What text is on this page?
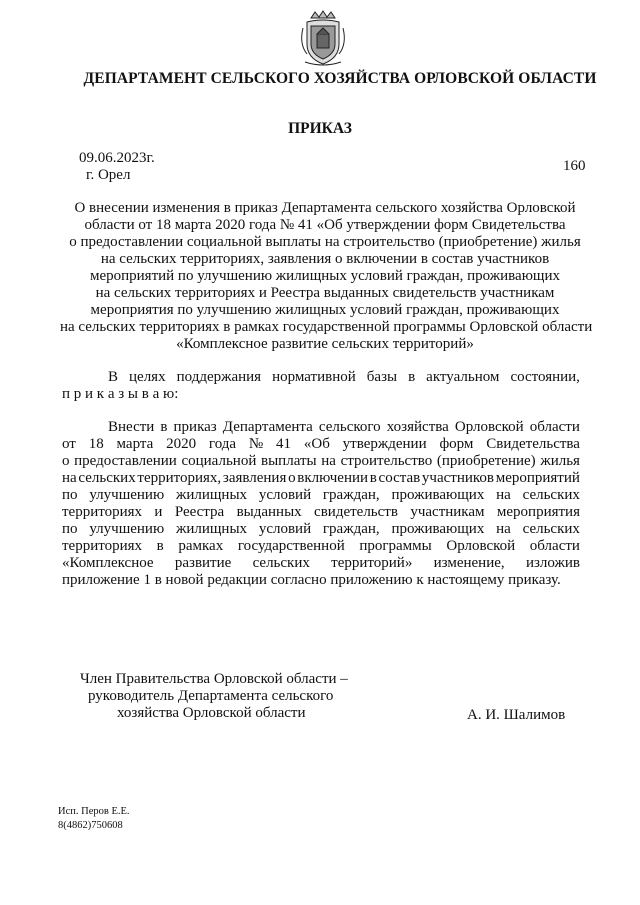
ДЕПАРТАМЕНТ СЕЛЬСКОГО ХОЗЯЙСТВА ОРЛОВСКОЙ ОБЛАСТИ
ПРИКАЗ
09.06.2023г.	160
г. Орел
О внесении изменения в приказ Департамента сельского хозяйства Орловской
области от 18 марта 2020 года № 41 «Об утверждении форм Свидетельства
о предоставлении социальной выплаты на строительство (приобретение) жилья
на сельских территориях, заявления о включении в состав участников
мероприятий по улучшению жилищных условий граждан, проживающих
на сельских территориях и Реестра выданных свидетельств участникам
мероприятия по улучшению жилищных условий граждан, проживающих
на сельских территориях в рамках государственной программы Орловской области
«Комплексное развитие сельских территорий»
В целях поддержания нормативной базы в актуальном состоянии,
п р и к а з ы в а ю:
Внести в приказ Департамента сельского хозяйства Орловской области
от 18 марта 2020 года № 41 «Об утверждении форм Свидетельства
о предоставлении социальной выплаты на строительство (приобретение) жилья
на сельских территориях, заявления о включении в состав участников мероприятий
по улучшению жилищных условий граждан, проживающих на сельских
территориях и Реестра выданных свидетельств участникам мероприятия
по улучшению жилищных условий граждан, проживающих на сельских
территориях в рамках государственной программы Орловской области
«Комплексное развитие сельских территорий» изменение, изложив
приложение 1 в новой редакции согласно приложению к настоящему приказу.
Член Правительства Орловской области –
руководитель Департамента сельского
хозяйства Орловской области	А. И. Шалимов
Исп. Перов Е.Е.
8(4862)750608
